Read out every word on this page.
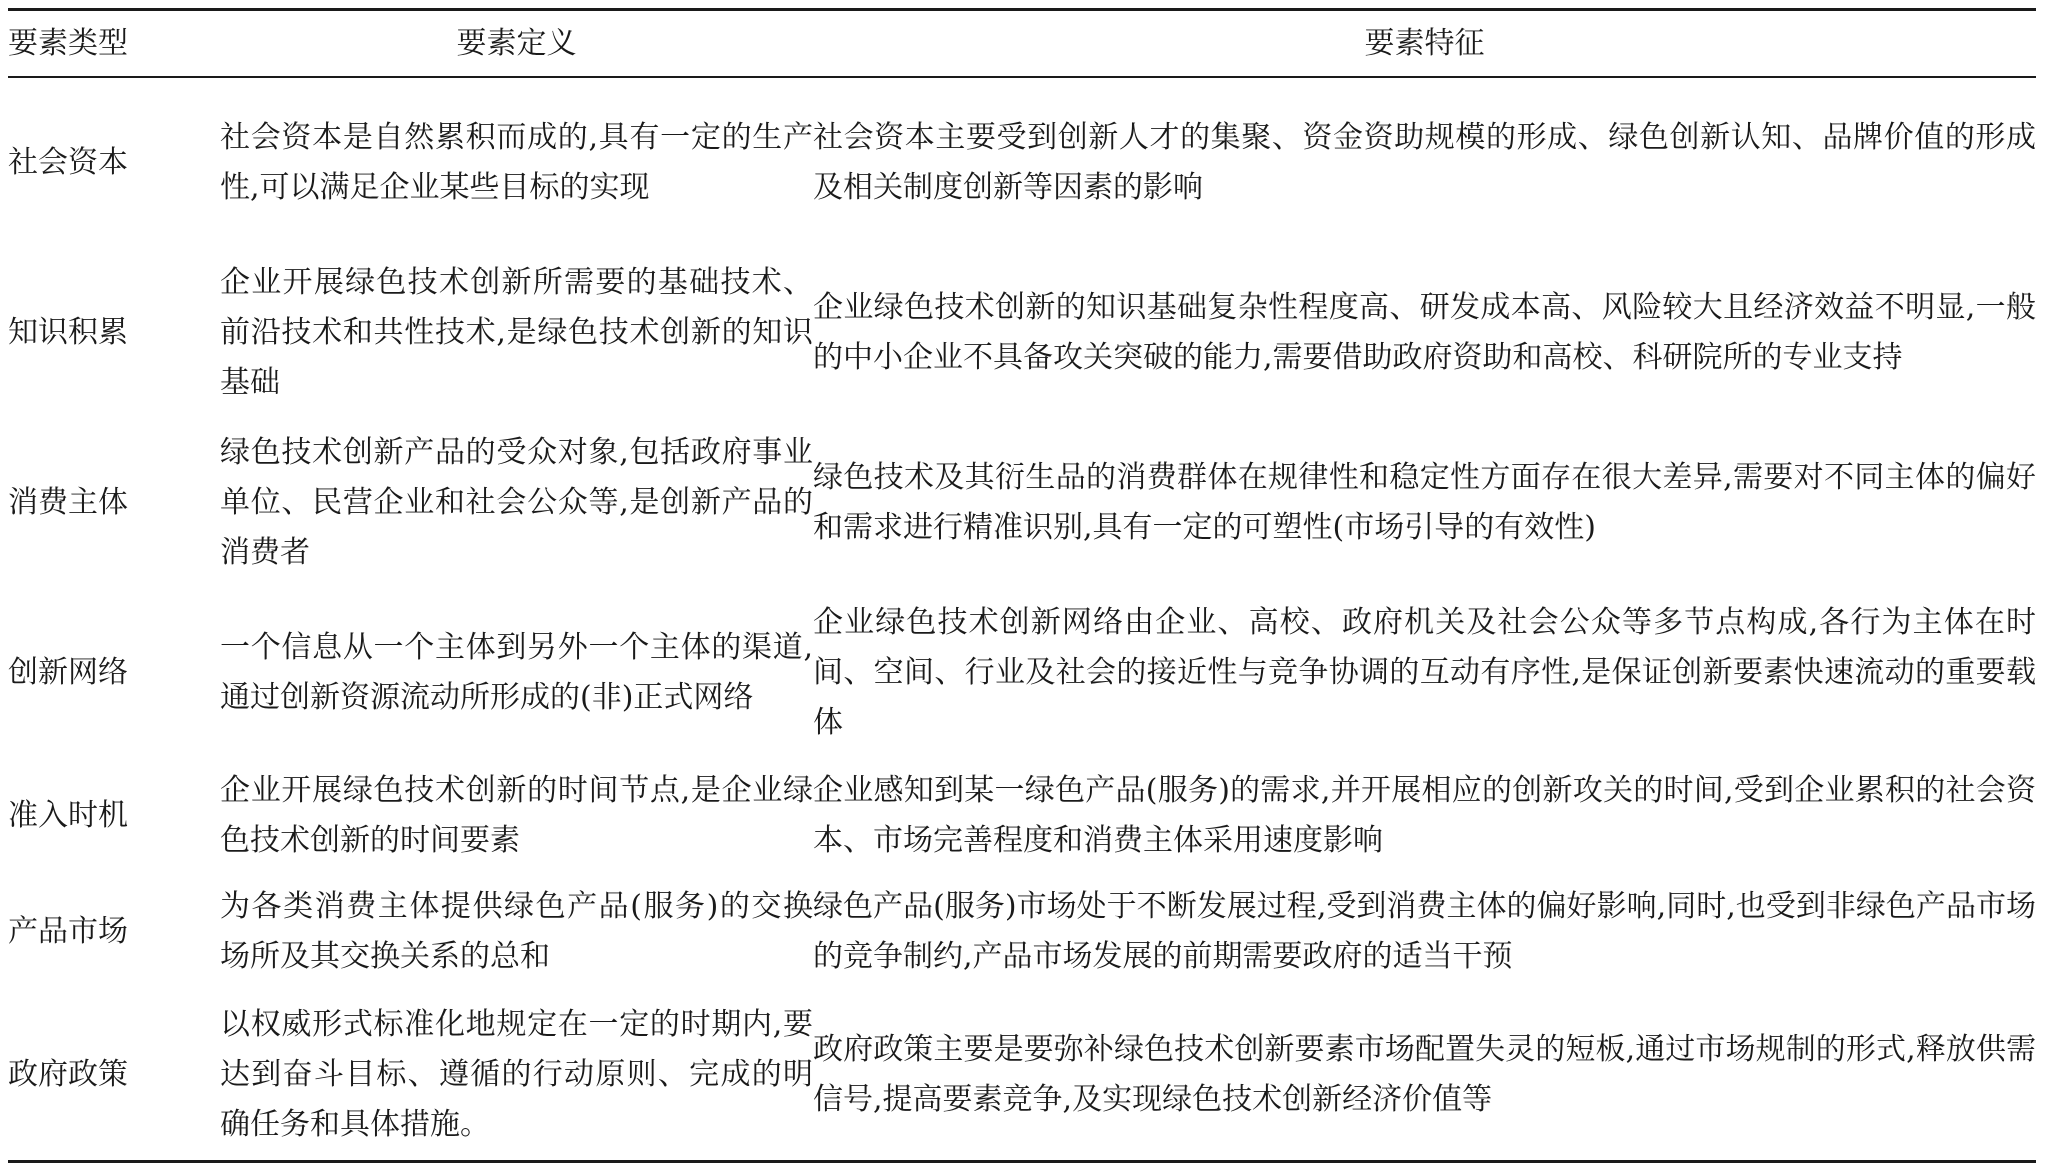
要素类型	要素定义	要素特征
社会资本	社会资本是自然累积而成的,具有一定的生产性,可以满足企业某些目标的实现	社会资本主要受到创新人才的集聚、资金资助规模的形成、绿色创新认知、品牌价值的形成及相关制度创新等因素的影响
知识积累	企业开展绿色技术创新所需要的基础技术、前沿技术和共性技术,是绿色技术创新的知识基础	企业绿色技术创新的知识基础复杂性程度高、研发成本高、风险较大且经济效益不明显,一般的中小企业不具备攻关突破的能力,需要借助政府资助和高校、科研院所的专业支持
消费主体	绿色技术创新产品的受众对象,包括政府事业单位、民营企业和社会公众等,是创新产品的消费者	绿色技术及其衍生品的消费群体在规律性和稳定性方面存在很大差异,需要对不同主体的偏好和需求进行精准识别,具有一定的可塑性(市场引导的有效性)
创新网络	一个信息从一个主体到另外一个主体的渠道,通过创新资源流动所形成的(非)正式网络	企业绿色技术创新网络由企业、高校、政府机关及社会公众等多节点构成,各行为主体在时间、空间、行业及社会的接近性与竞争协调的互动有序性,是保证创新要素快速流动的重要载体
准入时机	企业开展绿色技术创新的时间节点,是企业绿色技术创新的时间要素	企业感知到某一绿色产品(服务)的需求,并开展相应的创新攻关的时间,受到企业累积的社会资本、市场完善程度和消费主体采用速度影响
产品市场	为各类消费主体提供绿色产品(服务)的交换场所及其交换关系的总和	绿色产品(服务)市场处于不断发展过程,受到消费主体的偏好影响,同时,也受到非绿色产品市场的竞争制约,产品市场发展的前期需要政府的适当干预
政府政策	以权威形式标准化地规定在一定的时期内,要达到奋斗目标、遵循的行动原则、完成的明确任务和具体措施。	政府政策主要是要弥补绿色技术创新要素市场配置失灵的短板,通过市场规制的形式,释放供需信号,提高要素竞争,及实现绿色技术创新经济价值等
